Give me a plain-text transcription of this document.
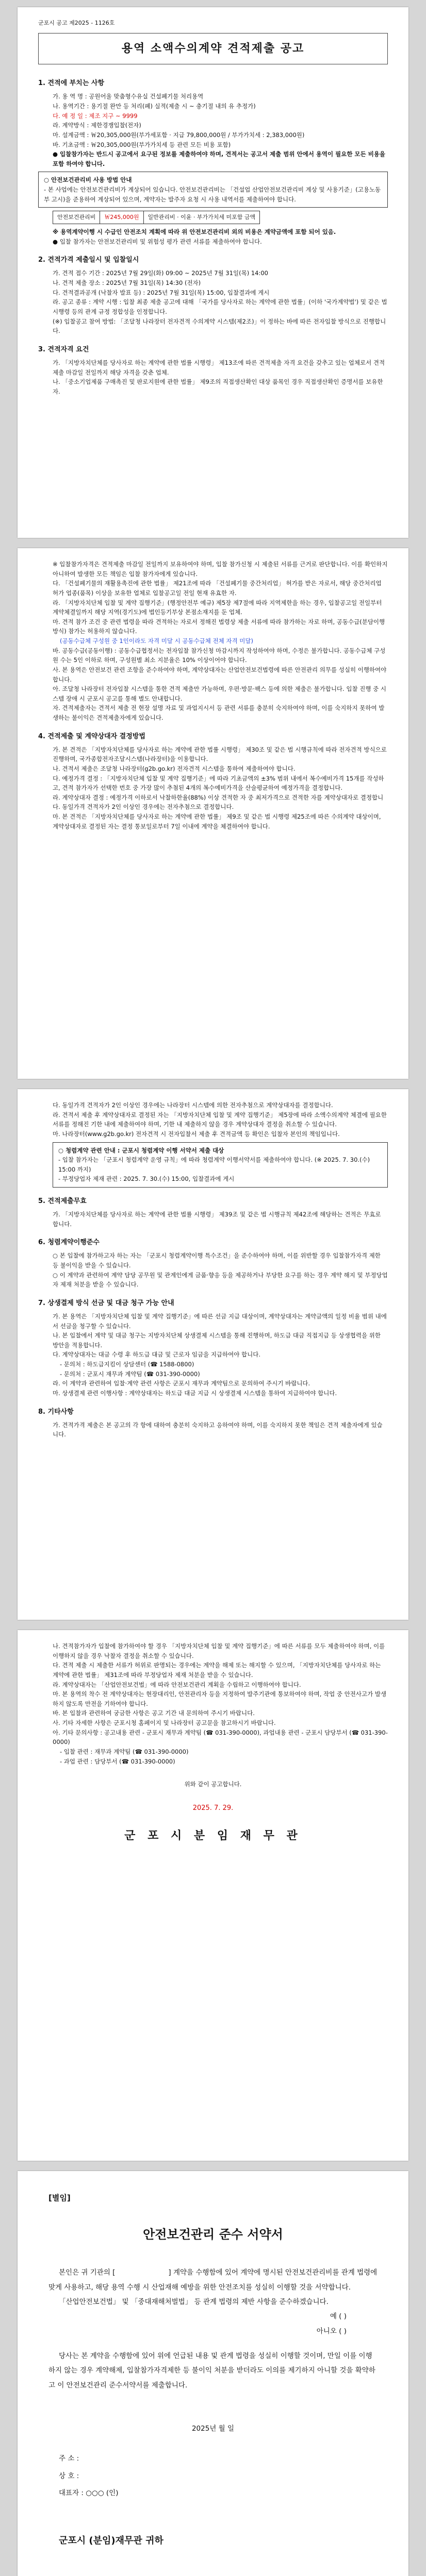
군포시 공고 제2025 - 1126호
용역 소액수의계약 견적제출 공고
1. 견적에 부치는 사항
가. 용 역 명 : 공원어울 맞춤형수유실 건설폐기물 처리용역
나. 용역기간 : 용기절 완만 등 처리(폐) 실적(제출 시 ~ 충기절 내의 유 추정가)
다. 예 정 일 : 제조 지구 ~ 9999
라. 계약방식 : 제한경쟁입찰(전자)
마. 설계금액 : ￦20,305,000원(부가세포함 · 지급 79,800,000원 / 부가가치세 : 2,383,000원)
바. 기초금액 : ￦20,305,000원(부가가치세 등 관련 모든 비용 포함)
● 입찰참가자는 반드시 공고에서 요구된 정보를 제출하여야 하며, 견적서는 공고서 제출 범위 안에서 용역이 필요한 모든 비용을 포함 하여야 합니다.
○ 안전보건관리비 사용 방법 안내
- 본 사업에는 안전보건관리비가 계상되어 있습니다. 안전보건관리비는 「건설업 산업안전보건관리비 계상 및 사용기준」(고용노동부 고시)을 준용하여 계상되어 있으며, 계약자는 발주자 요청 시 사용 내역서를 제출하여야 합니다.
안전보건관리비	￦245,000원	일반관리비 · 이윤 · 부가가치세 미포함 금액
※ 용역계약이행 시 수급인 안전조치 계획에 따라 위 안전보건관리비 외의 비용은 계약금액에 포함 되어 있음.
● 입찰 참가자는 안전보건관리비 및 위험성 평가 관련 서류를 제출하여야 합니다.
2. 견적가격 제출일시 및 입찰일시
가. 견적 접수 기간 : 2025년 7월 29일(화) 09:00 ~ 2025년 7월 31일(목) 14:00
나. 견적 제출 장소 : 2025년 7월 31일(목) 14:30 (전자)
다. 견적결과공개 (낙찰자 발표 등) : 2025년 7월 31일(목) 15:00, 입찰결과에 게시
라. 공고 종류 : 계약 시행 : 입찰 최종 제출 공고에 대해 「국가를 당사자로 하는 계약에 관한 법률」(이하 '국가계약법') 및 같은 법 시행령 등의 관계 규정 정합성을 인정합니다.
(※) 입찰공고 참여 방법: 「조달청 나라장터 전자견적 수의계약 시스템(제2조)」이 정하는 바에 따른 전자입찰 방식으로 진행합니다.
3. 견적자격 요건
가. 「지방자치단체를 당사자로 하는 계약에 관한 법률 시행령」 제13조에 따른 견적제출 자격 요건을 갖추고 있는 업체로서 견적 제출 마감일 전일까지 해당 자격을 갖춘 업체.
나. 「중소기업제품 구매촉진 및 판로지원에 관한 법률」 제9조의 직접생산확인 대상 품목인 경우 직접생산확인 증명서를 보유한 자.
※ 입찰참가자격은 견적제출 마감일 전일까지 보유하여야 하며, 입찰 참가신청 시 제출된 서류를 근거로 판단합니다. 이를 확인하지 아니하여 발생한 모든 책임은 입찰 참가자에게 있습니다.
다. 「건설폐기물의 재활용촉진에 관한 법률」 제21조에 따라 「건설폐기물 중간처리업」 허가를 받은 자로서, 해당 중간처리업 허가 업종(품목) 이상을 보유한 업체로 입찰공고일 전일 현재 유효한 자.
라. 「지방자치단체 입찰 및 계약 집행기준」(행정안전부 예규) 제5장 제7절에 따라 지역제한을 하는 경우, 입찰공고일 전일부터 계약체결일까지 해당 지역(경기도)에 법인등기부상 본점소재지를 둔 업체.
마. 견적 참가 조건 중 관련 법령을 따라 견적하는 자로서 정해진 법령상 제출 서류에 따라 참가하는 자로 하며, 공동수급(분담이행방식) 참가는 허용하지 않습니다.
(공동수급체 구성원 중 1인이라도 자격 미달 시 공동수급체 전체 자격 미달)
바. 공동수급(공동이행) : 공동수급협정서는 전자입찰 참가신청 마감시까지 작성하여야 하며, 수정은 불가합니다. 공동수급체 구성원 수는 5인 이하로 하며, 구성원별 최소 지분율은 10% 이상이어야 합니다.
사. 본 용역은 안전보건 관련 조항을 준수하여야 하며, 계약상대자는 산업안전보건법령에 따른 안전관리 의무를 성실히 이행하여야 합니다.
아. 조달청 나라장터 전자입찰 시스템을 통한 견적 제출만 가능하며, 우편·방문·팩스 등에 의한 제출은 불가합니다. 입찰 진행 중 시스템 장애 시 군포시 공고를 통해 별도 안내합니다.
자. 견적제출자는 견적서 제출 전 현장 설명 자료 및 과업지시서 등 관련 서류를 충분히 숙지하여야 하며, 이를 숙지하지 못하여 발생하는 불이익은 견적제출자에게 있습니다.
4. 견적제출 및 계약상대자 결정방법
가. 본 견적은 「지방자치단체를 당사자로 하는 계약에 관한 법률 시행령」 제30조 및 같은 법 시행규칙에 따라 전자견적 방식으로 진행하며, 국가종합전자조달시스템(나라장터)을 이용합니다.
나. 견적서 제출은 조달청 나라장터(g2b.go.kr) 전자견적 시스템을 통하여 제출하여야 합니다.
다. 예정가격 결정 : 「지방자치단체 입찰 및 계약 집행기준」에 따라 기초금액의 ±3% 범위 내에서 복수예비가격 15개를 작성하고, 견적 참가자가 선택한 번호 중 가장 많이 추첨된 4개의 복수예비가격을 산술평균하여 예정가격을 결정합니다.
라. 계약상대자 결정 : 예정가격 이하로서 낙찰하한율(88%) 이상 견적한 자 중 최저가격으로 견적한 자를 계약상대자로 결정합니다. 동일가격 견적자가 2인 이상인 경우에는 전자추첨으로 결정합니다.
마. 본 견적은 「지방자치단체를 당사자로 하는 계약에 관한 법률」 제9조 및 같은 법 시행령 제25조에 따른 수의계약 대상이며, 계약상대자로 결정된 자는 결정 통보일로부터 7일 이내에 계약을 체결하여야 합니다.
다. 동일가격 견적자가 2인 이상인 경우에는 나라장터 시스템에 의한 전자추첨으로 계약상대자를 결정합니다.
라. 견적서 제출 후 계약상대자로 결정된 자는 「지방자치단체 입찰 및 계약 집행기준」 제5장에 따라 소액수의계약 체결에 필요한 서류를 정해진 기한 내에 제출하여야 하며, 기한 내 제출하지 않을 경우 계약상대자 결정을 취소할 수 있습니다.
마. 나라장터(www.g2b.go.kr) 전자견적 시 전자입찰서 제출 후 견적금액 등 확인은 입찰자 본인의 책임입니다.
○ 청렴계약 관련 안내 : 군포시 청렴계약 이행 서약서 제출 대상
- 입찰 참가자는 「군포시 청렴계약 운영 규칙」에 따라 청렴계약 이행서약서를 제출하여야 합니다. (※ 2025. 7. 30.(수) 15:00 까지)
- 부정당업자 제재 관련 : 2025. 7. 30.(수) 15:00, 입찰결과에 게시
5. 견적제출무효
가. 「지방자치단체를 당사자로 하는 계약에 관한 법률 시행령」 제39조 및 같은 법 시행규칙 제42조에 해당하는 견적은 무효로 합니다.
6. 청렴계약이행준수
○ 본 입찰에 참가하고자 하는 자는 「군포시 청렴계약이행 특수조건」을 준수하여야 하며, 이를 위반할 경우 입찰참가자격 제한 등 불이익을 받을 수 있습니다.
○ 이 계약과 관련하여 계약 담당 공무원 및 관계인에게 금품·향응 등을 제공하거나 부당한 요구를 하는 경우 계약 해지 및 부정당업자 제재 처분을 받을 수 있습니다.
7. 상생결제 방식 선금 및 대금 청구 가능 안내
가. 본 용역은 「지방자치단체 입찰 및 계약 집행기준」에 따른 선금 지급 대상이며, 계약상대자는 계약금액의 일정 비율 범위 내에서 선금을 청구할 수 있습니다.
나. 본 입찰에서 계약 및 대금 청구는 지방자치단체 상생결제 시스템을 통해 진행하며, 하도급 대금 직접지급 등 상생협력을 위한 방안을 적용합니다.
다. 계약상대자는 대금 수령 후 하도급 대금 및 근로자 임금을 지급하여야 합니다.
- 문의처 : 하도급지킴이 상담센터 (☎ 1588-0800)
- 문의처 : 군포시 재무과 계약팀 (☎ 031-390-0000)
라. 이 계약과 관련하여 입찰·계약 관련 사항은 군포시 재무과 계약팀으로 문의하여 주시기 바랍니다.
마. 상생결제 관련 이행사항 : 계약상대자는 하도급 대금 지급 시 상생결제 시스템을 통하여 지급하여야 합니다.
8. 기타사항
가. 견적가격 제출은 본 공고의 각 항에 대하여 충분히 숙지하고 응하여야 하며, 이를 숙지하지 못한 책임은 견적 제출자에게 있습니다.
나. 견적참가자가 입찰에 참가하여야 할 경우 「지방자치단체 입찰 및 계약 집행기준」에 따른 서류를 모두 제출하여야 하며, 이를 이행하지 않을 경우 낙찰자 결정을 취소할 수 있습니다.
다. 견적 제출 시 제출한 서류가 허위로 판명되는 경우에는 계약을 해제 또는 해지할 수 있으며, 「지방자치단체를 당사자로 하는 계약에 관한 법률」 제31조에 따라 부정당업자 제재 처분을 받을 수 있습니다.
라. 계약상대자는 「산업안전보건법」에 따라 안전보건관리 계획을 수립하고 이행하여야 합니다.
마. 본 용역의 착수 전 계약상대자는 현장대리인, 안전관리자 등을 지정하여 발주기관에 통보하여야 하며, 작업 중 안전사고가 발생하지 않도록 만전을 기하여야 합니다.
바. 본 입찰과 관련하여 궁금한 사항은 공고 기간 내 문의하여 주시기 바랍니다.
사. 기타 자세한 사항은 군포시청 홈페이지 및 나라장터 공고문을 참고하시기 바랍니다.
아. 기타 문의사항 : 공고내용 관련 - 군포시 재무과 계약팀 (☎ 031-390-0000), 과업내용 관련 - 군포시 담당부서 (☎ 031-390-0000)
- 입찰 관련 : 재무과 계약팀 (☎ 031-390-0000)
- 과업 관련 : 담당부서 (☎ 031-390-0000)
위와 같이 공고합니다.
2025. 7. 29.
군 포 시 분 임 재 무 관
[별임]
안전보건관리 준수 서약서
본인은 귀 기관의 [                        ] 계약을 수행함에 있어 계약에 명시된 안전보건관리비를 관계 법령에 맞게 사용하고, 해당 용역 수행 시 산업재해 예방을 위한 안전조치를 성실히 이행할 것을 서약합니다.
「산업안전보건법」 및 「중대재해처벌법」 등 관계 법령의 제반 사항을 준수하겠습니다.
예 ( )
아니오 ( )
당사는 본 계약을 수행함에 있어 위에 언급된 내용 및 관계 법령을 성실히 이행할 것이며, 만일 이를 이행하지 않는 경우 계약해제, 입찰참가자격제한 등 불이익 처분을 받더라도 이의를 제기하지 아니할 것을 확약하고 이 안전보건관리 준수서약서를 제출합니다.
2025년 월 일
주 소 :
상 호 :
대표자 : ○○○ (인)
군포시 (분임)재무관 귀하
